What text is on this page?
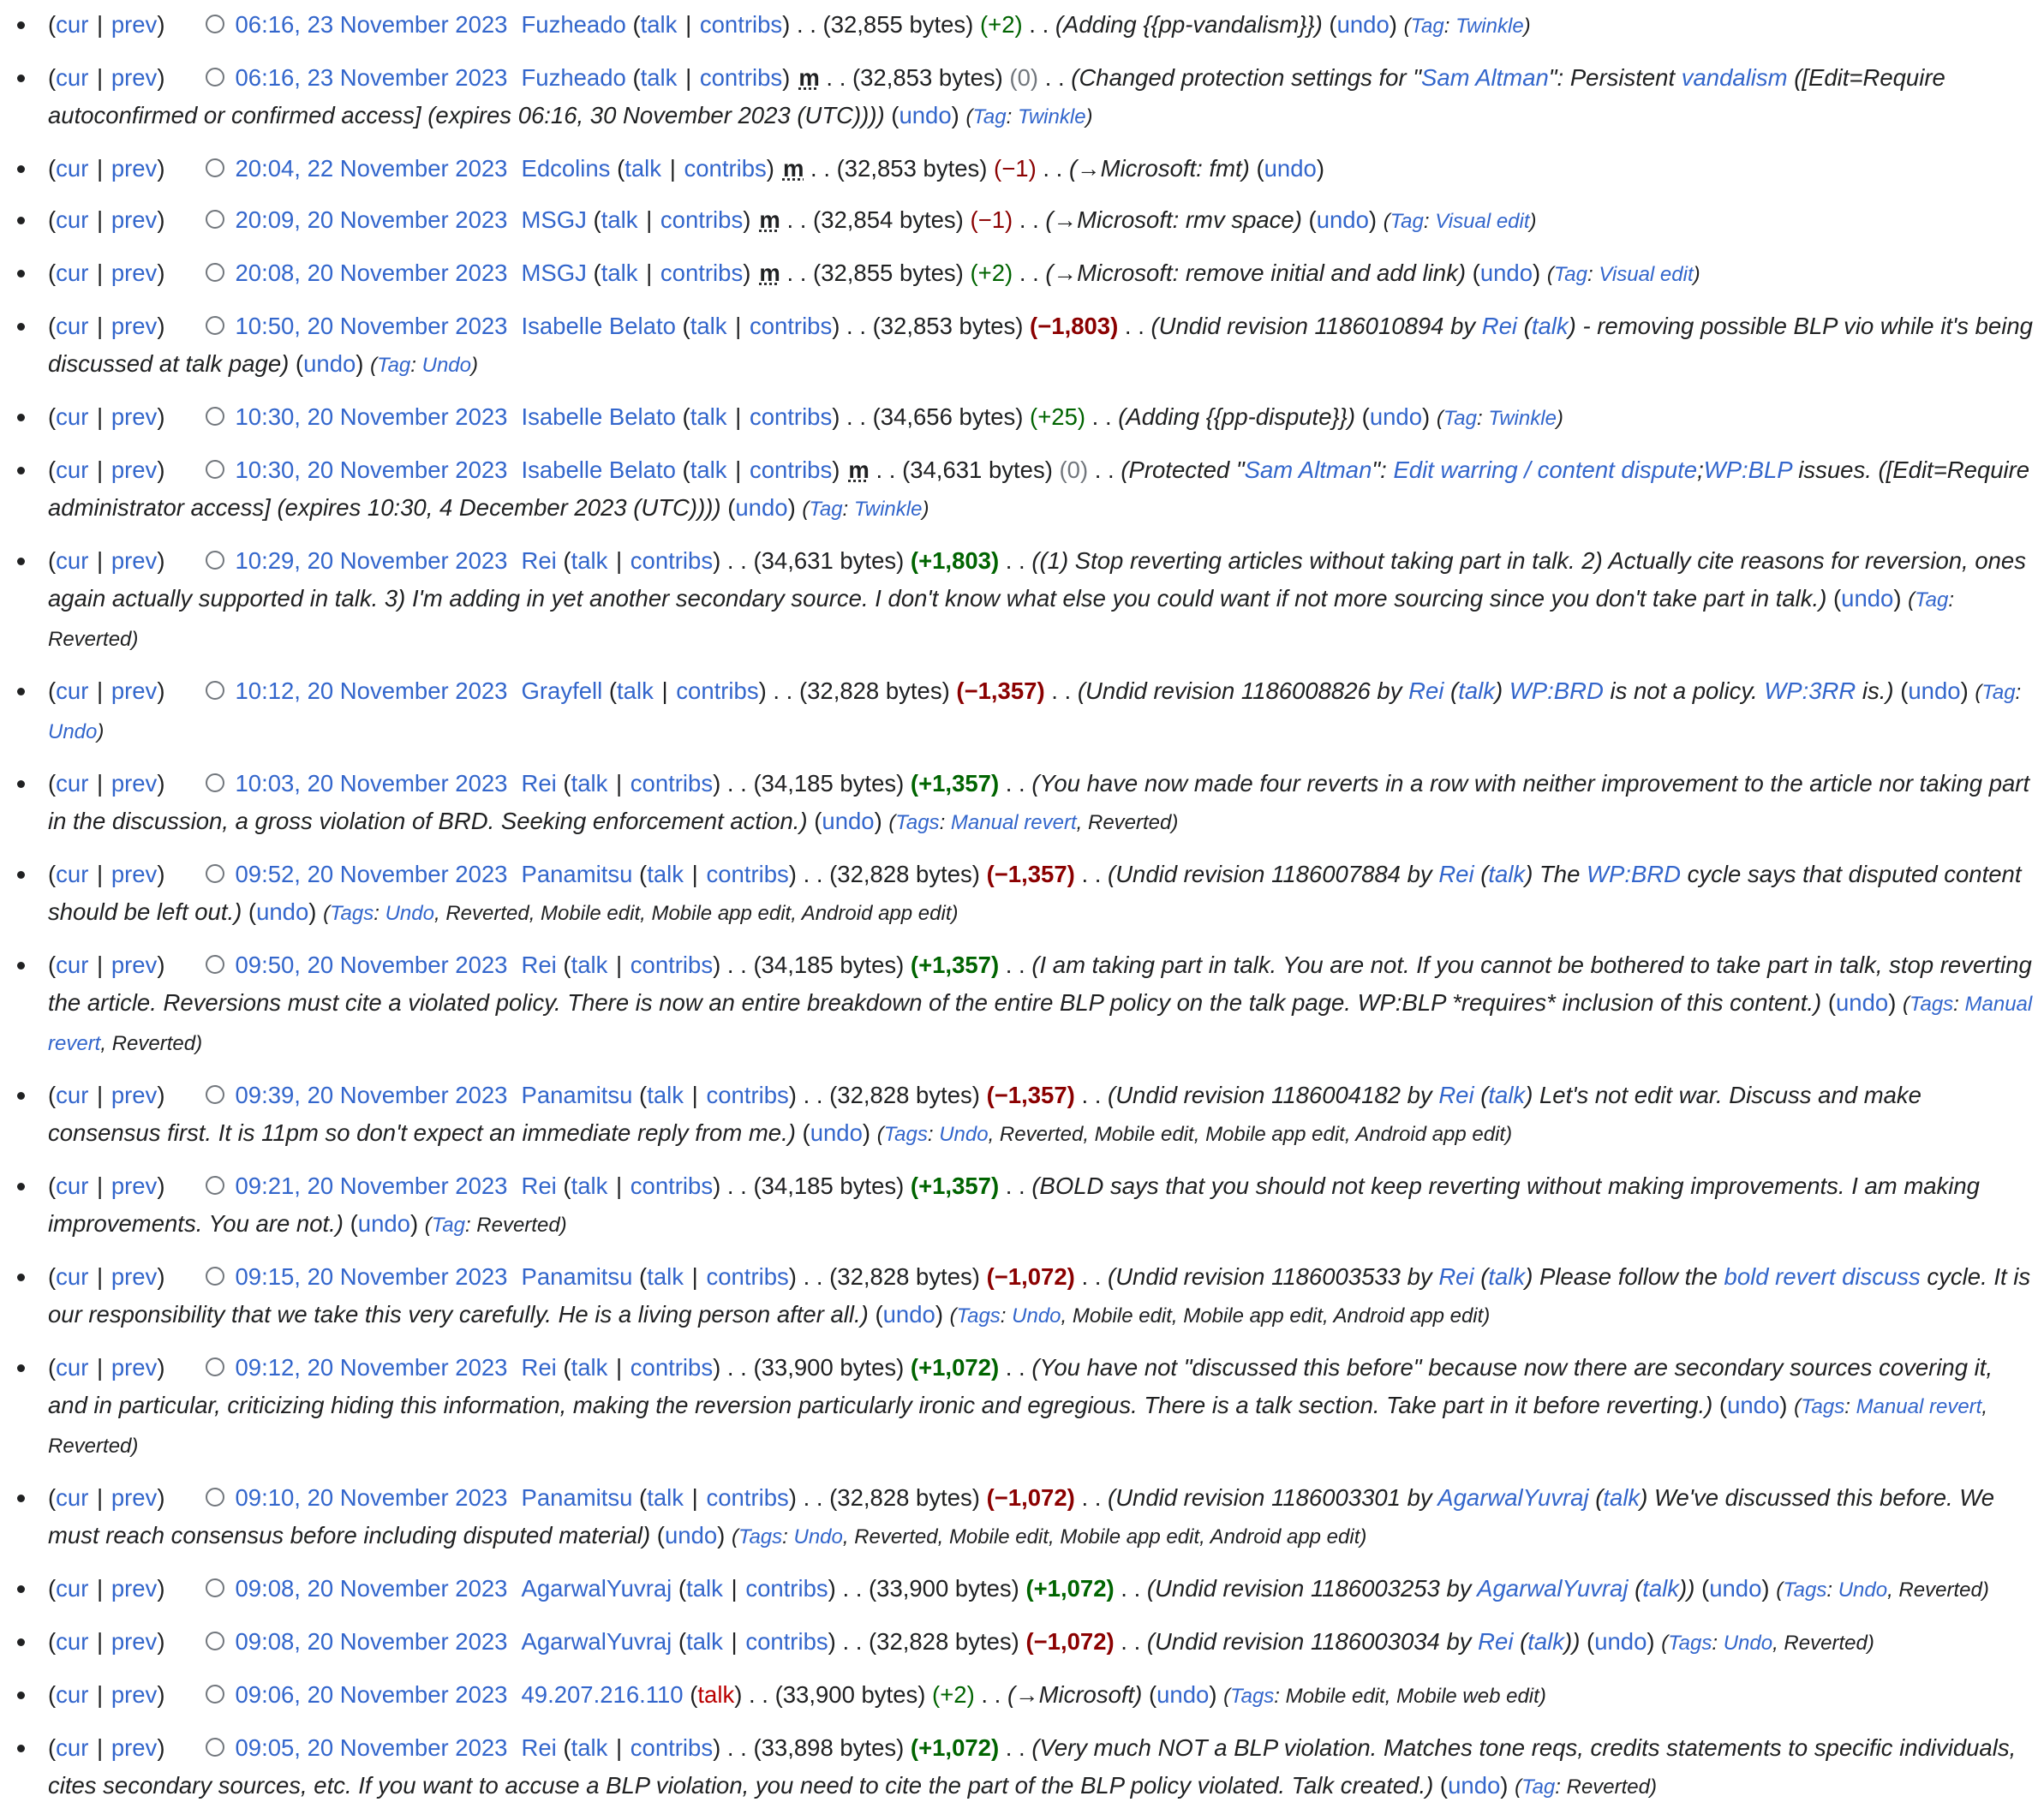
(cur | prev)	06:16, 23 November 2023 Fuzheado (talk | contribs) . . (32,855 bytes) (+2) . . (Adding {{pp-vandalism}}) (undo) (Tag: Twinkle)
(cur | prev)	06:16, 23 November 2023 Fuzheado (talk | contribs) m . . (32,853 bytes) (0) . . (Changed protection settings for "Sam Altman": Persistent vandalism ([Edit=Require autoconfirmed or confirmed access] (expires 06:16, 30 November 2023 (UTC)))) (undo) (Tag: Twinkle)
(cur | prev)	20:04, 22 November 2023 Edcolins (talk | contribs) m . . (32,853 bytes) (−1) . . (→Microsoft: fmt) (undo)
(cur | prev)	20:09, 20 November 2023 MSGJ (talk | contribs) m . . (32,854 bytes) (−1) . . (→Microsoft: rmv space) (undo) (Tag: Visual edit)
(cur | prev)	20:08, 20 November 2023 MSGJ (talk | contribs) m . . (32,855 bytes) (+2) . . (→Microsoft: remove initial and add link) (undo) (Tag: Visual edit)
(cur | prev)	10:50, 20 November 2023 Isabelle Belato (talk | contribs) . . (32,853 bytes) (−1,803) . . (Undid revision 1186010894 by Rei (talk) - removing possible BLP vio while it's being discussed at talk page) (undo) (Tag: Undo)
(cur | prev)	10:30, 20 November 2023 Isabelle Belato (talk | contribs) . . (34,656 bytes) (+25) . . (Adding {{pp-dispute}}) (undo) (Tag: Twinkle)
(cur | prev)	10:30, 20 November 2023 Isabelle Belato (talk | contribs) m . . (34,631 bytes) (0) . . (Protected "Sam Altman": Edit warring / content dispute;WP:BLP issues. ([Edit=Require administrator access] (expires 10:30, 4 December 2023 (UTC)))) (undo) (Tag: Twinkle)
(cur | prev)	10:29, 20 November 2023 Rei (talk | contribs) . . (34,631 bytes) (+1,803) . . ((1) Stop reverting articles without taking part in talk. 2) Actually cite reasons for reversion, ones again actually supported in talk. 3) I'm adding in yet another secondary source. I don't know what else you could want if not more sourcing since you don't take part in talk.) (undo) (Tag: Reverted)
(cur | prev)	10:12, 20 November 2023 Grayfell (talk | contribs) . . (32,828 bytes) (−1,357) . . (Undid revision 1186008826 by Rei (talk) WP:BRD is not a policy. WP:3RR is.) (undo) (Tag: Undo)
(cur | prev)	10:03, 20 November 2023 Rei (talk | contribs) . . (34,185 bytes) (+1,357) . . (You have now made four reverts in a row with neither improvement to the article nor taking part in the discussion, a gross violation of BRD. Seeking enforcement action.) (undo) (Tags: Manual revert, Reverted)
(cur | prev)	09:52, 20 November 2023 Panamitsu (talk | contribs) . . (32,828 bytes) (−1,357) . . (Undid revision 1186007884 by Rei (talk) The WP:BRD cycle says that disputed content should be left out.) (undo) (Tags: Undo, Reverted, Mobile edit, Mobile app edit, Android app edit)
(cur | prev)	09:50, 20 November 2023 Rei (talk | contribs) . . (34,185 bytes) (+1,357) . . (I am taking part in talk. You are not. If you cannot be bothered to take part in talk, stop reverting the article. Reversions must cite a violated policy. There is now an entire breakdown of the entire BLP policy on the talk page. WP:BLP *requires* inclusion of this content.) (undo) (Tags: Manual revert, Reverted)
(cur | prev)	09:39, 20 November 2023 Panamitsu (talk | contribs) . . (32,828 bytes) (−1,357) . . (Undid revision 1186004182 by Rei (talk) Let's not edit war. Discuss and make consensus first. It is 11pm so don't expect an immediate reply from me.) (undo) (Tags: Undo, Reverted, Mobile edit, Mobile app edit, Android app edit)
(cur | prev)	09:21, 20 November 2023 Rei (talk | contribs) . . (34,185 bytes) (+1,357) . . (BOLD says that you should not keep reverting without making improvements. I am making improvements. You are not.) (undo) (Tag: Reverted)
(cur | prev)	09:15, 20 November 2023 Panamitsu (talk | contribs) . . (32,828 bytes) (−1,072) . . (Undid revision 1186003533 by Rei (talk) Please follow the bold revert discuss cycle. It is our responsibility that we take this very carefully. He is a living person after all.) (undo) (Tags: Undo, Mobile edit, Mobile app edit, Android app edit)
(cur | prev)	09:12, 20 November 2023 Rei (talk | contribs) . . (33,900 bytes) (+1,072) . . (You have not "discussed this before" because now there are secondary sources covering it, and in particular, criticizing hiding this information, making the reversion particularly ironic and egregious. There is a talk section. Take part in it before reverting.) (undo) (Tags: Manual revert, Reverted)
(cur | prev)	09:10, 20 November 2023 Panamitsu (talk | contribs) . . (32,828 bytes) (−1,072) . . (Undid revision 1186003301 by AgarwalYuvraj (talk) We've discussed this before. We must reach consensus before including disputed material) (undo) (Tags: Undo, Reverted, Mobile edit, Mobile app edit, Android app edit)
(cur | prev)	09:08, 20 November 2023 AgarwalYuvraj (talk | contribs) . . (33,900 bytes) (+1,072) . . (Undid revision 1186003253 by AgarwalYuvraj (talk)) (undo) (Tags: Undo, Reverted)
(cur | prev)	09:08, 20 November 2023 AgarwalYuvraj (talk | contribs) . . (32,828 bytes) (−1,072) . . (Undid revision 1186003034 by Rei (talk)) (undo) (Tags: Undo, Reverted)
(cur | prev)	09:06, 20 November 2023 49.207.216.110 (talk) . . (33,900 bytes) (+2) . . (→Microsoft) (undo) (Tags: Mobile edit, Mobile web edit)
(cur | prev)	09:05, 20 November 2023 Rei (talk | contribs) . . (33,898 bytes) (+1,072) . . (Very much NOT a BLP violation. Matches tone reqs, credits statements to specific individuals, cites secondary sources, etc. If you want to accuse a BLP violation, you need to cite the part of the BLP policy violated. Talk created.) (undo) (Tag: Reverted)
